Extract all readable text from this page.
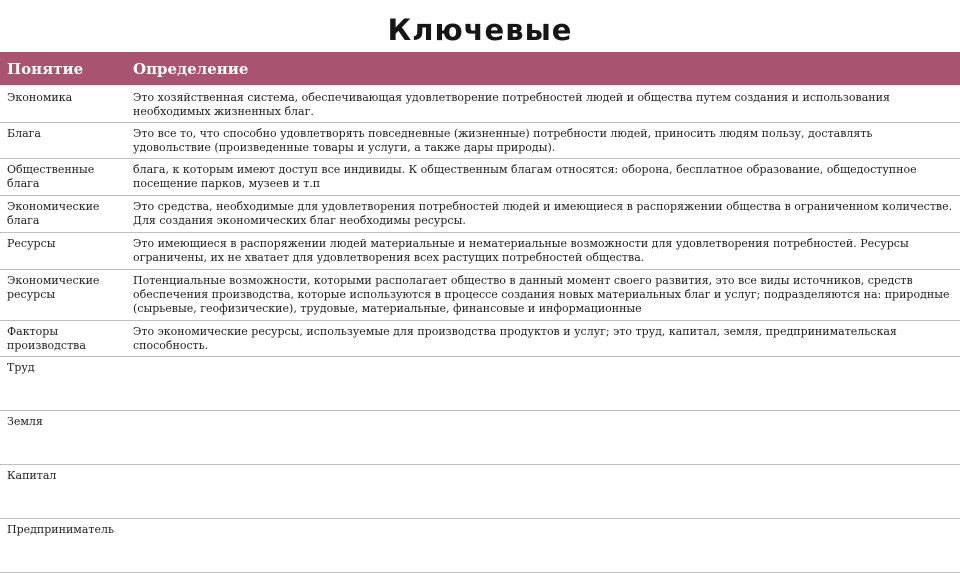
Ключевые
Понятие	Определение
Экономика	Это хозяйственная система, обеспечивающая удовлетворение потребностей людей и общества путем создания и использования необходимых жизненных благ.
Блага	Это все то, что способно удовлетворять повседневные (жизненные) потребности людей, приносить людям пользу, доставлять удовольствие (произведенные товары и услуги, а также дары природы).
Общественные блага	блага, к которым имеют доступ все индивиды. К общественным благам относятся: оборона, бесплатное образование, общедоступное посещение парков, музеев и т.п
Экономические блага	Это средства, необходимые для удовлетворения потребностей людей и имеющиеся в распоряжении общества в ограниченном количестве. Для создания экономических благ необходимы ресурсы.
Ресурсы	Это имеющиеся в распоряжении людей материальные и нематериальные возможности для удовлетворения потребностей. Ресурсы ограничены, их не хватает для удовлетворения всех растущих потребностей общества.
Экономические ресурсы	Потенциальные возможности, которыми располагает общество в данный момент своего развития, это все виды источников, средств обеспечения производства, которые используются в процессе создания новых материальных благ и услуг; подразделяются на: природные (сырьевые, геофизические), трудовые, материальные, финансовые и информационные
Факторы производства	Это экономические ресурсы, используемые для производства продуктов и услуг; это труд, капитал, земля, предпринимательская способность.
Труд	
Земля	
Капитал	
Предприниматель	
